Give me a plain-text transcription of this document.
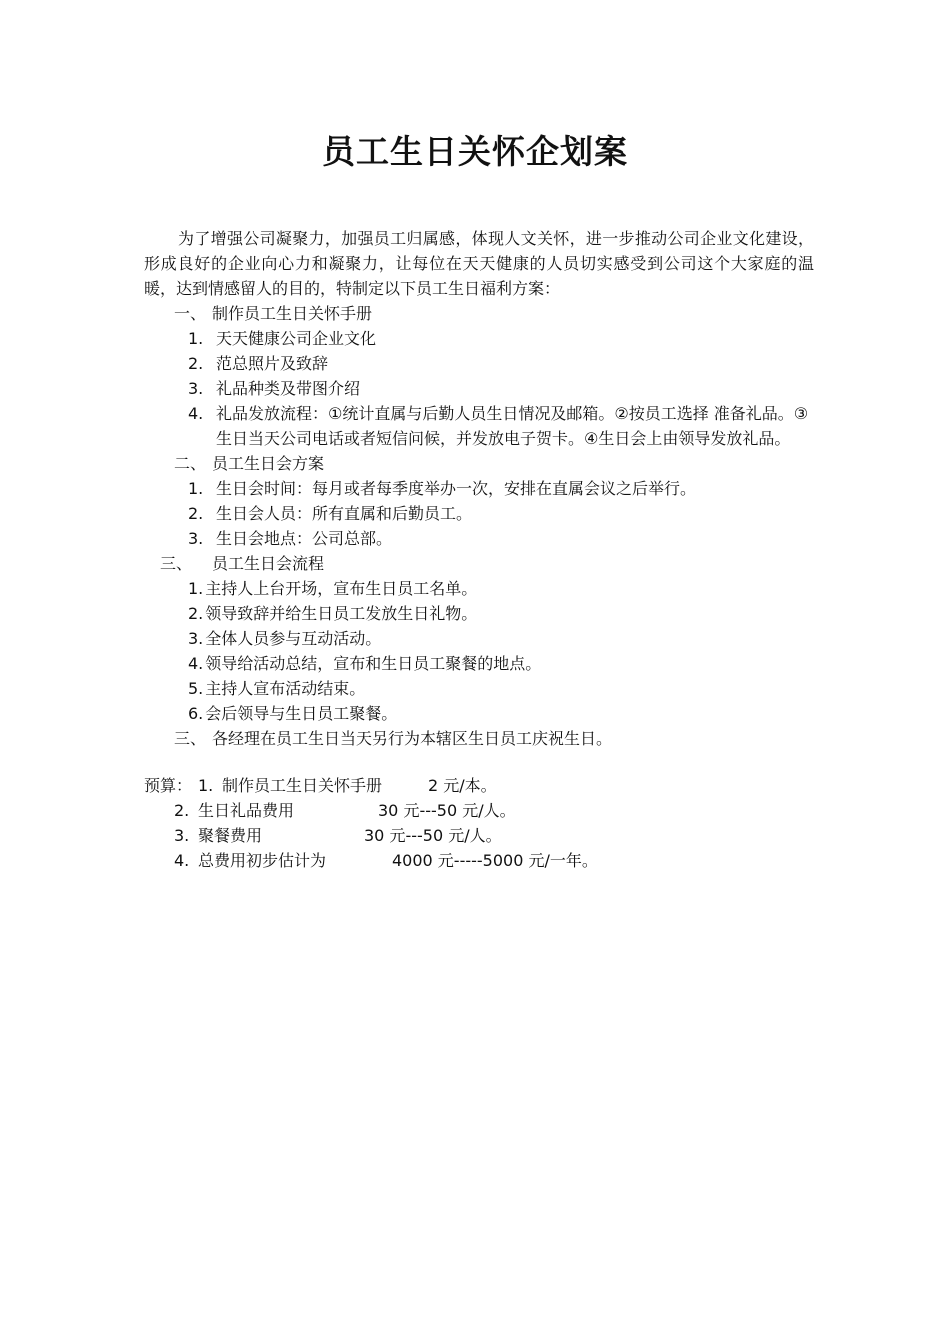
员工生日关怀企划案

为了增强公司凝聚力，加强员工归属感，体现人文关怀，进一步推动公司企业文化建设，形成良好的企业向心力和凝聚力，让每位在天天健康的人员切实感受到公司这个大家庭的温暖，达到情感留人的目的，特制定以下员工生日福利方案：

一、 制作员工生日关怀手册
1. 天天健康公司企业文化
2. 范总照片及致辞
3. 礼品种类及带图介绍
4. 礼品发放流程：①统计直属与后勤人员生日情况及邮箱。②按员工选择 准备礼品。③生日当天公司电话或者短信问候，并发放电子贺卡。④生日会上由领导发放礼品。
二、 员工生日会方案
1. 生日会时间：每月或者每季度举办一次，安排在直属会议之后举行。
2. 生日会人员：所有直属和后勤员工。
3. 生日会地点：公司总部。
三、 员工生日会流程
1. 主持人上台开场，宣布生日员工名单。
2. 领导致辞并给生日员工发放生日礼物。
3. 全体人员参与互动活动。
4. 领导给活动总结，宣布和生日员工聚餐的地点。
5. 主持人宣布活动结束。
6. 会后领导与生日员工聚餐。
三、 各经理在员工生日当天另行为本辖区生日员工庆祝生日。
预算： 1. 制作员工生日关怀手册	2 元/本。
2. 生日礼品费用	30 元---50 元/人。
3. 聚餐费用	30 元---50 元/人。
4. 总费用初步估计为	4000 元-----5000 元/一年。
